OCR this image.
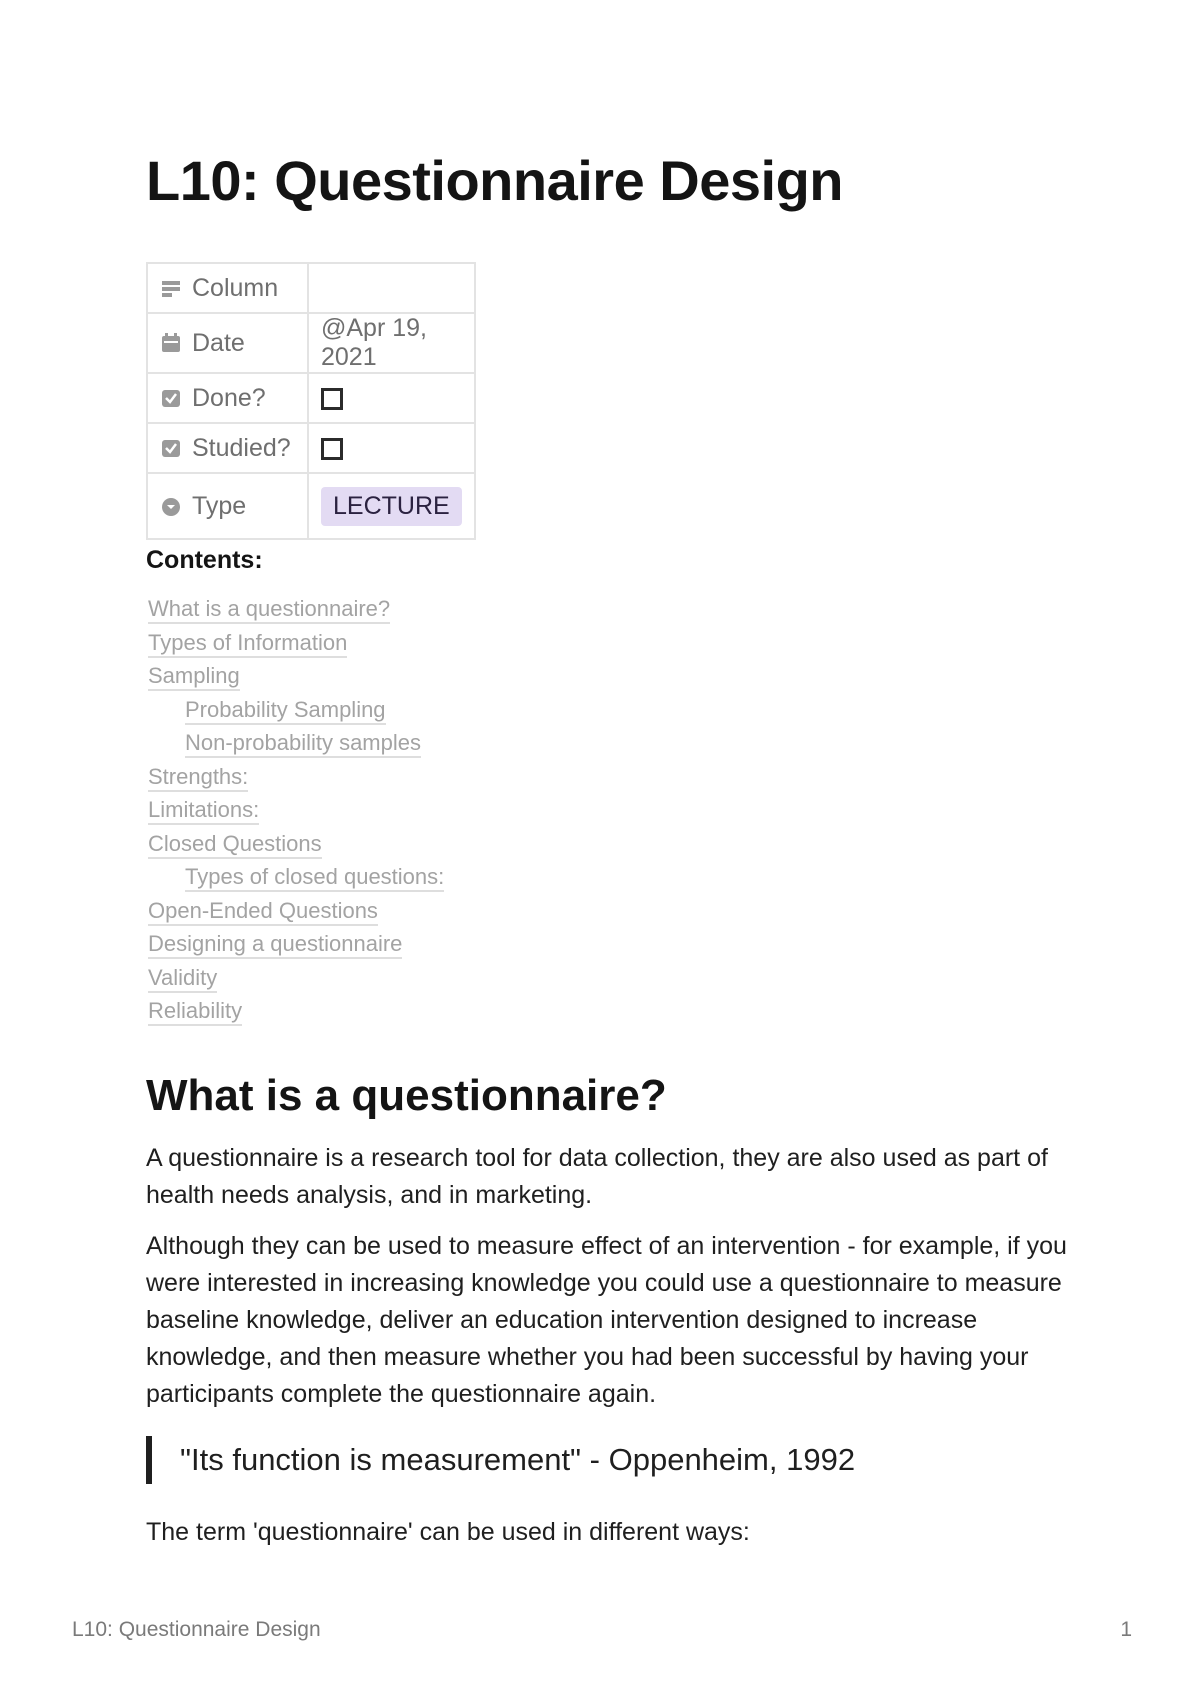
L10: Questionnaire Design
Column	

Date	@Apr 19, 2021

Done?	

Studied?	

Type	LECTURE
Contents:
What is a questionnaire?
Types of Information
Sampling
Probability Sampling
Non-probability samples
Strengths:
Limitations:
Closed Questions
Types of closed questions:
Open-Ended Questions
Designing a questionnaire
Validity
Reliability
What is a questionnaire?

A questionnaire is a research tool for data collection, they are also used as part of health needs analysis, and in marketing.

Although they can be used to measure effect of an intervention - for example, if you were interested in increasing knowledge you could use a questionnaire to measure baseline knowledge, deliver an education intervention designed to increase knowledge, and then measure whether you had been successful by having your participants complete the questionnaire again.

"Its function is measurement" - Oppenheim, 1992

The term 'questionnaire' can be used in different ways:

L10: Questionnaire Design	1
